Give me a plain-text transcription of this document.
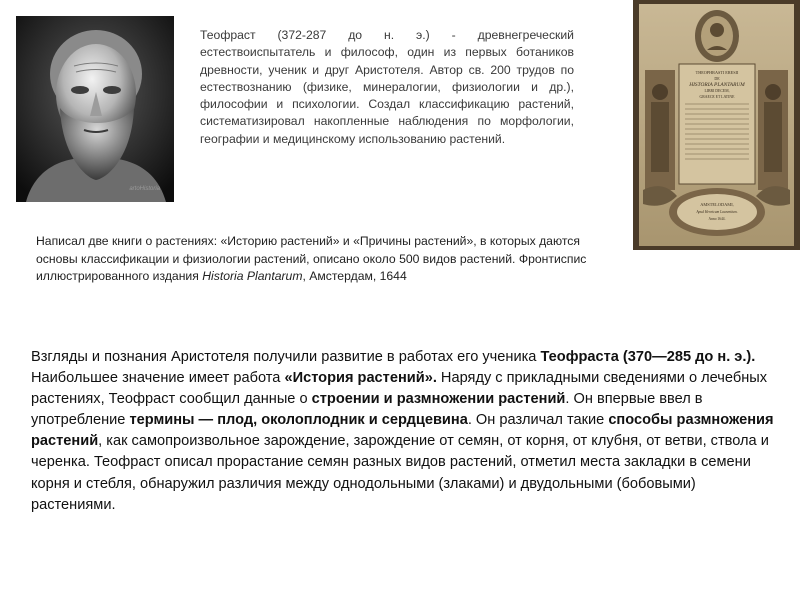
artoHistoria

Теофраст (372-287 до н. э.) - древнегреческий естествоиспытатель и философ, один из первых ботаников древности, ученик и друг Аристотеля. Автор св. 200 трудов по естествознанию (физике, минералогии, физиологии и др.), философии и психологии. Создал классификацию растений, систематизировал накопленные наблюдения по морфологии, географии и медицинскому использованию растений.

THEOPHRASTI ERESII
DE
HISTORIA PLANTARUM
LIBRI DECEM,
GRAECE ET LATINE
AMSTELODAMI,
Apud Henricum Laurentium.
Anno 1644.

Написал две книги о растениях: «Историю растений» и «Причины растений», в которых даются основы классификации и физиологии растений, описано около 500 видов растений. Фронтиспис иллюстрированного издания Historia Plantarum, Амстердам, 1644

Взгляды и познания Аристотеля получили развитие в работах его ученика Теофраста (370—285 до н. э.). Наибольшее значение имеет работа «История растений». Наряду с прикладными сведениями о лечебных растениях, Теофраст сообщил данные о строении и размножении растений. Он впервые ввел в употребление термины — плод, околоплодник и сердцевина. Он различал такие способы размножения растений, как самопроизвольное зарождение, зарождение от семян, от корня, от клубня, от ветви, ствола и черенка. Теофраст описал прорастание семян разных видов растений, отметил места закладки в семени корня и стебля, обнаружил различия между однодольными (злаками) и двудольными (бобовыми) растениями.
